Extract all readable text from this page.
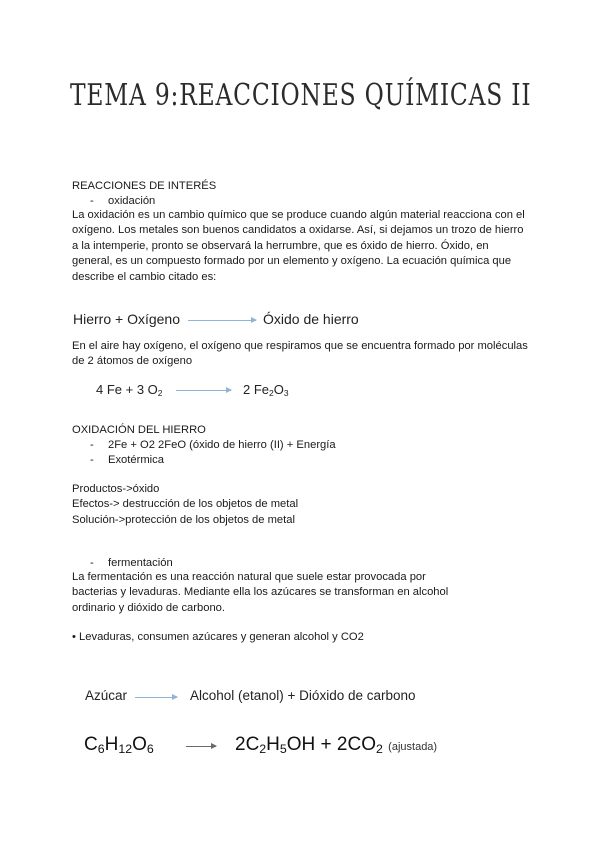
TEMA 9:REACCIONES QUÍMICAS II
REACCIONES DE INTERÉS
- oxidación
La oxidación es un cambio químico que se produce cuando algún material reacciona con el
oxígeno. Los metales son buenos candidatos a oxidarse. Así, si dejamos un trozo de hierro
a la intemperie, pronto se observará la herrumbre, que es óxido de hierro. Óxido, en
general, es un compuesto formado por un elemento y oxígeno. La ecuación química que
describe el cambio citado es:
Hierro + Oxígeno	Óxido de hierro
En el aire hay oxígeno, el oxígeno que respiramos que se encuentra formado por moléculas
de 2 átomos de oxígeno
4 Fe + 3 $O_2$	2 $Fe_2O_3$
OXIDACIÓN DEL HIERRO
- 2Fe + O2 2FeO (óxido de hierro (II) + Energía
- Exotérmica
Productos->óxido
Efectos-> destrucción de los objetos de metal
Solución->protección de los objetos de metal
- fermentación
La fermentación es una reacción natural que suele estar provocada por
bacterias y levaduras. Mediante ella los azúcares se transforman en alcohol
ordinario y dióxido de carbono.
• Levaduras, consumen azúcares y generan alcohol y CO2
Azúcar	Alcohol (etanol) + Dióxido de carbono
$C_6H_{12}O_6$	$2C_2H_5OH + 2CO_2$ (ajustada)
